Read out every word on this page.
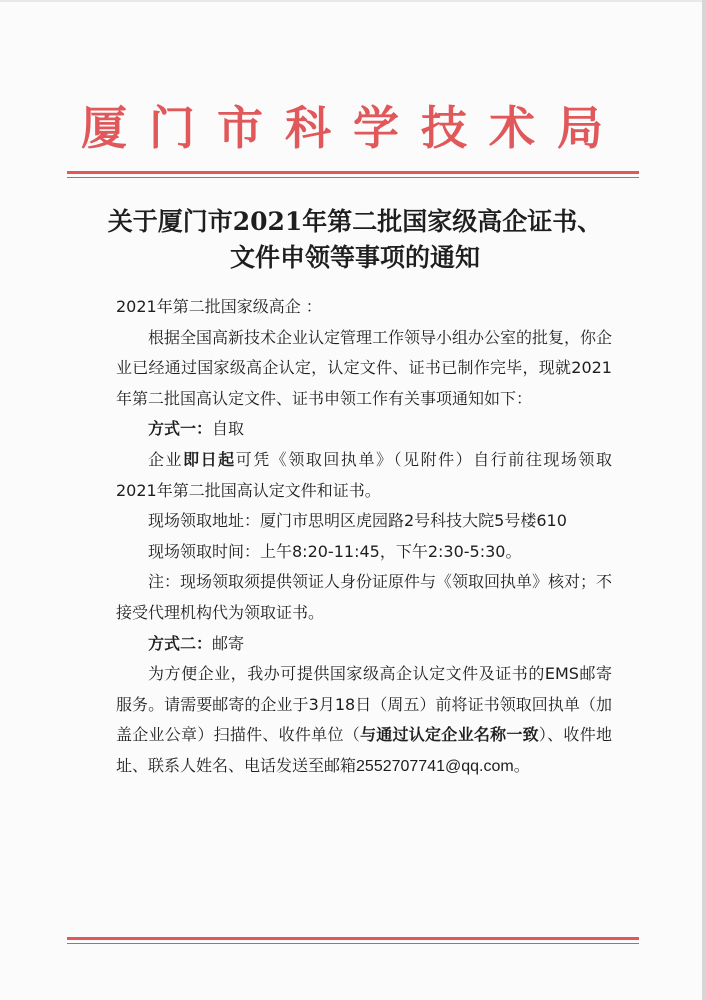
厦门市科学技术局
关于厦门市2021年第二批国家级高企证书、
文件申领等事项的通知

2021年第二批国家级高企 ：

根据全国高新技术企业认定管理工作领导小组办公室的批复，你企业已经通过国家级高企认定，认定文件、证书已制作完毕，现就2021年第二批国高认定文件、证书申领工作有关事项通知如下：

方式一：自取

企业即日起可凭《领取回执单》（见附件）自行前往现场领取2021年第二批国高认定文件和证书。

现场领取地址：厦门市思明区虎园路2号科技大院5号楼610

现场领取时间：上午8:20-11:45，下午2:30-5:30。

注：现场领取须提供领证人身份证原件与《领取回执单》核对；不接受代理机构代为领取证书。

方式二：邮寄

为方便企业，我办可提供国家级高企认定文件及证书的EMS邮寄服务。请需要邮寄的企业于3月18日（周五）前将证书领取回执单（加盖企业公章）扫描件、收件单位（与通过认定企业名称一致）、收件地址、联系人姓名、电话发送至邮箱2552707741@qq.com。
